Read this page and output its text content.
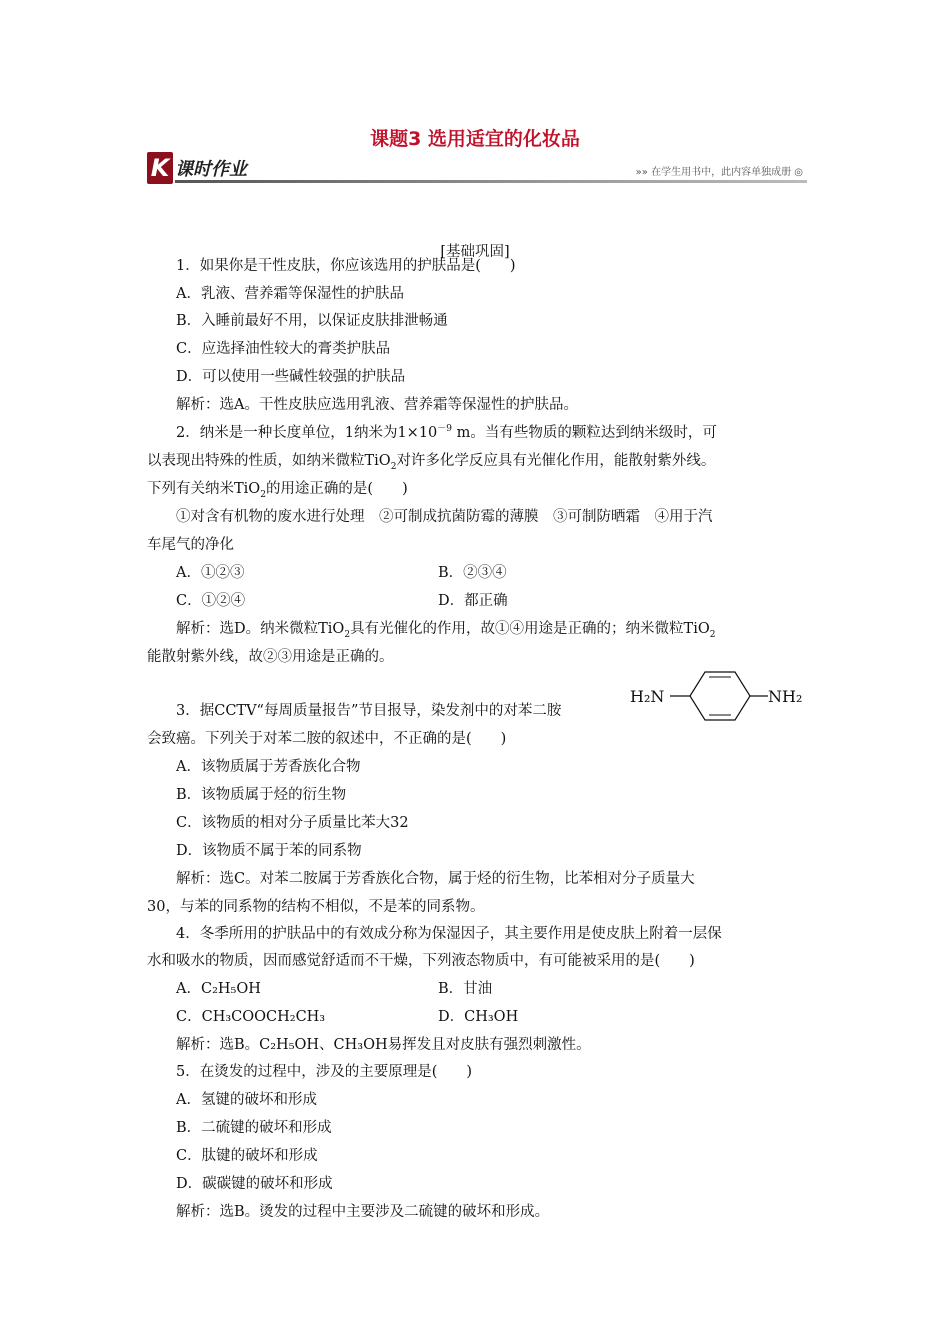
课题3 选用适宜的化妆品
K 课时作业	»» 在学生用书中，此内容单独成册 ◎
[基础巩固]
1．如果你是干性皮肤，你应该选用的护肤品是(　　)
A．乳液、营养霜等保湿性的护肤品
B．入睡前最好不用，以保证皮肤排泄畅通
C．应选择油性较大的膏类护肤品
D．可以使用一些碱性较强的护肤品
解析：选A。干性皮肤应选用乳液、营养霜等保湿性的护肤品。
2．纳米是一种长度单位，1纳米为$1\times 10^{-9}$ m。当有些物质的颗粒达到纳米级时，可
以表现出特殊的性质，如纳米微粒TiO$_2$对许多化学反应具有光催化作用，能散射紫外线。
下列有关纳米TiO$_2$的用途正确的是(　　)
①对含有机物的废水进行处理　②可制成抗菌防霉的薄膜　③可制防晒霜　④用于汽
车尾气的净化
A．①②③	B．②③④
C．①②④	D．都正确
解析：选D。纳米微粒TiO$_2$具有光催化的作用，故①④用途是正确的；纳米微粒TiO$_2$
能散射紫外线，故②③用途是正确的。
3．据CCTV“每周质量报告”节目报导，染发剂中的对苯二胺
H₂N	NH₂
会致癌。下列关于对苯二胺的叙述中，不正确的是(　　)
A．该物质属于芳香族化合物
B．该物质属于烃的衍生物
C．该物质的相对分子质量比苯大32
D．该物质不属于苯的同系物
解析：选C。对苯二胺属于芳香族化合物，属于烃的衍生物，比苯相对分子质量大
30，与苯的同系物的结构不相似，不是苯的同系物。
4．冬季所用的护肤品中的有效成分称为保湿因子，其主要作用是使皮肤上附着一层保
水和吸水的物质，因而感觉舒适而不干燥，下列液态物质中，有可能被采用的是(　　)
A．C₂H₅OH	B．甘油
C．CH₃COOCH₂CH₃	D．CH₃OH
解析：选B。C₂H₅OH、CH₃OH易挥发且对皮肤有强烈刺激性。
5．在烫发的过程中，涉及的主要原理是(　　)
A．氢键的破坏和形成
B．二硫键的破坏和形成
C．肽键的破坏和形成
D．碳碳键的破坏和形成
解析：选B。烫发的过程中主要涉及二硫键的破坏和形成。
